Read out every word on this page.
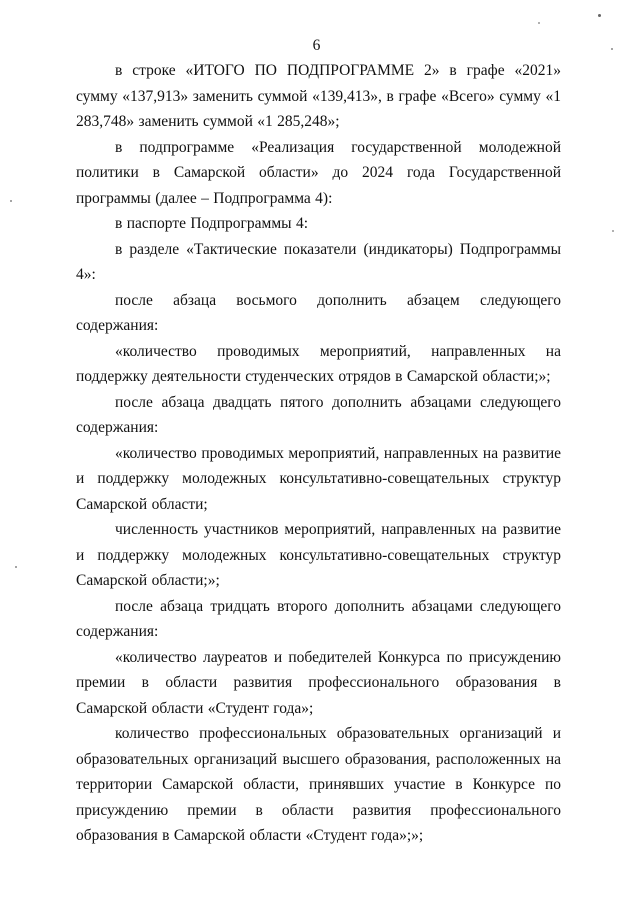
6

в строке «ИТОГО ПО ПОДПРОГРАММЕ 2» в графе «2021» сумму «137,913» заменить суммой «139,413», в графе «Всего» сумму «1 283,748» заменить суммой «1 285,248»;

в подпрограмме «Реализация государственной молодежной политики в Самарской области» до 2024 года Государственной программы (далее – Подпрограмма 4):

в паспорте Подпрограммы 4:

в разделе «Тактические показатели (индикаторы) Подпрограммы 4»:

после абзаца восьмого дополнить абзацем следующего содержания:

«количество проводимых мероприятий, направленных на поддержку деятельности студенческих отрядов в Самарской области;»;

после абзаца двадцать пятого дополнить абзацами следующего содержания:

«количество проводимых мероприятий, направленных на развитие и поддержку молодежных консультативно-совещательных структур Самарской области;

численность участников мероприятий, направленных на развитие и поддержку молодежных консультативно-совещательных структур Самарской области;»;

после абзаца тридцать второго дополнить абзацами следующего содержания:

«количество лауреатов и победителей Конкурса по присуждению премии в области развития профессионального образования в Самарской области «Студент года»;

количество профессиональных образовательных организаций и образовательных организаций высшего образования, расположенных на территории Самарской области, принявших участие в Конкурсе по присуждению премии в области развития профессионального образования в Самарской области «Студент года»;»;
